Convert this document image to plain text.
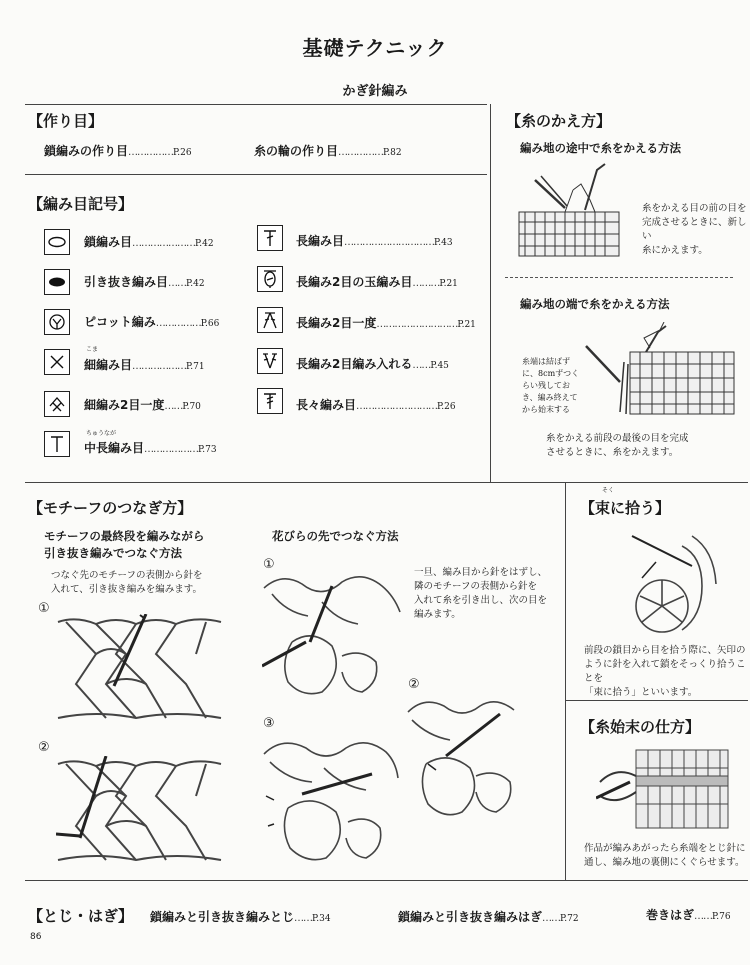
基礎テクニック
かぎ針編み
【作り目】
鎖編みの作り目……………P.26	糸の輪の作り目……………P.82
【編み目記号】
鎖編み目…………………P.42
引き抜き編み目……P.42
ピコット編み……………P.66
こま
細編み目………………P.71
細編み2目一度……P.70
ちゅうなが
中長編み目………………P.73
長編み目…………………………P.43
長編み2目の玉編み目………P.21
長編み2目一度………………………P.21
長編み2目編み入れる……P.45
長々編み目………………………P.26
【糸のかえ方】
編み地の途中で糸をかえる方法
糸をかえる目の前の目を
完成させるときに、新しい
糸にかえます。
編み地の端で糸をかえる方法
糸端は結ばず
に、8cmずつく
らい残してお
き、編み終えて
から始末する
糸をかえる前段の最後の目を完成
させるときに、糸をかえます。
【モチーフのつなぎ方】
モチーフの最終段を編みながら
引き抜き編みでつなぐ方法
つなぐ先のモチーフの表側から針を
入れて、引き抜き編みを編みます。
①
②
花びらの先でつなぐ方法
一旦、編み目から針をはずし、
隣のモチーフの表側から針を
入れて糸を引き出し、次の目を
編みます。
①
③
②
【束に拾う】
そく
前段の鎖目から目を拾う際に、矢印の
ように針を入れて鎖をそっくり拾うことを
「束に拾う」といいます。
【糸始末の仕方】
作品が編みあがったら糸端をとじ針に
通し、編み地の裏側にくぐらせます。
【とじ・はぎ】 鎖編みと引き抜き編みとじ……P.34	鎖編みと引き抜き編みはぎ……P.72	巻きはぎ……P.76
86
